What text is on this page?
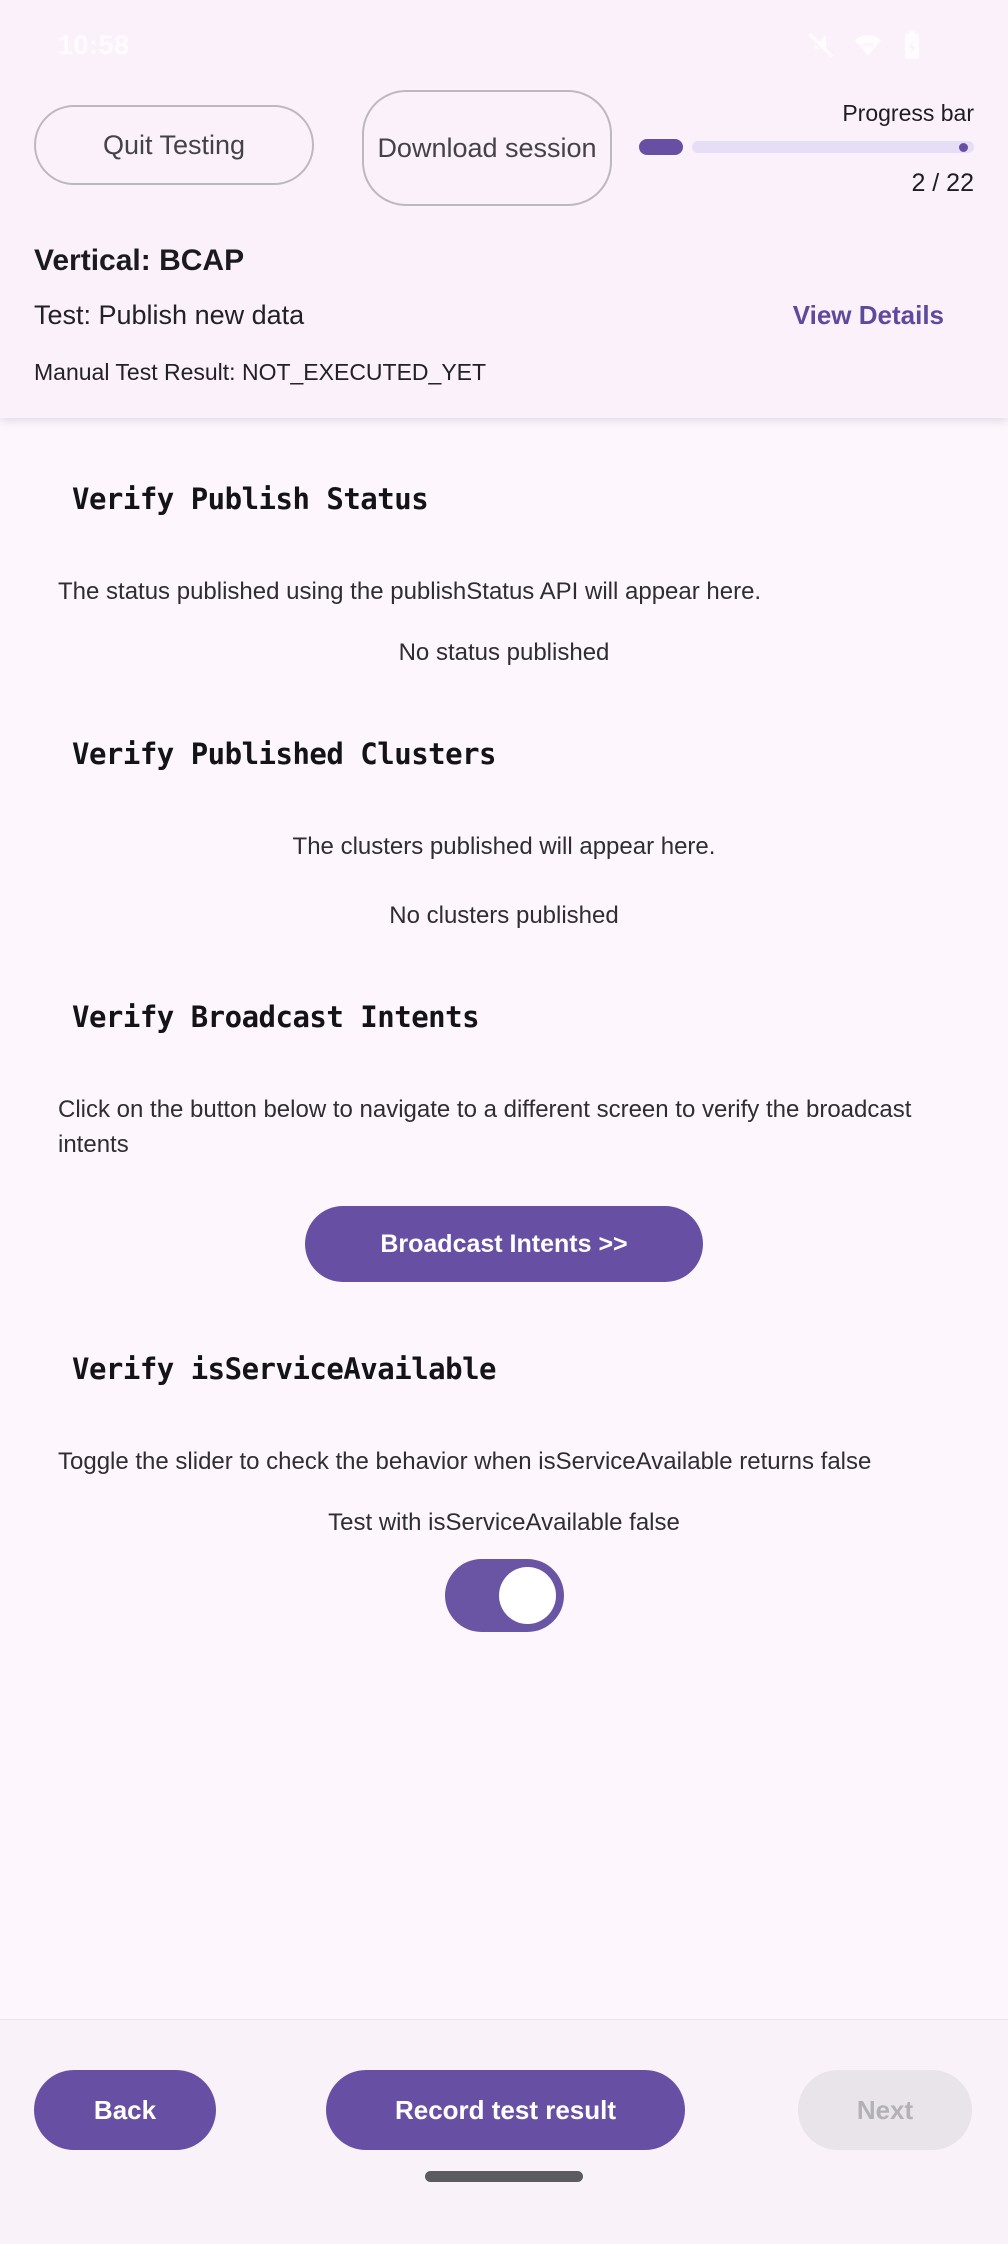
10:58
Quit Testing	Download session
Progress bar
2 / 22
Vertical: BCAP
Test: Publish new data	View Details
Manual Test Result: NOT_EXECUTED_YET
Verify Publish Status

The status published using the publishStatus API will appear here.

No status published

Verify Published Clusters

The clusters published will appear here.

No clusters published

Verify Broadcast Intents

Click on the button below to navigate to a different screen to verify the broadcast intents

Broadcast Intents >>
Verify isServiceAvailable

Toggle the slider to check the behavior when isServiceAvailable returns false

Test with isServiceAvailable false

Back	Record test result	Next
